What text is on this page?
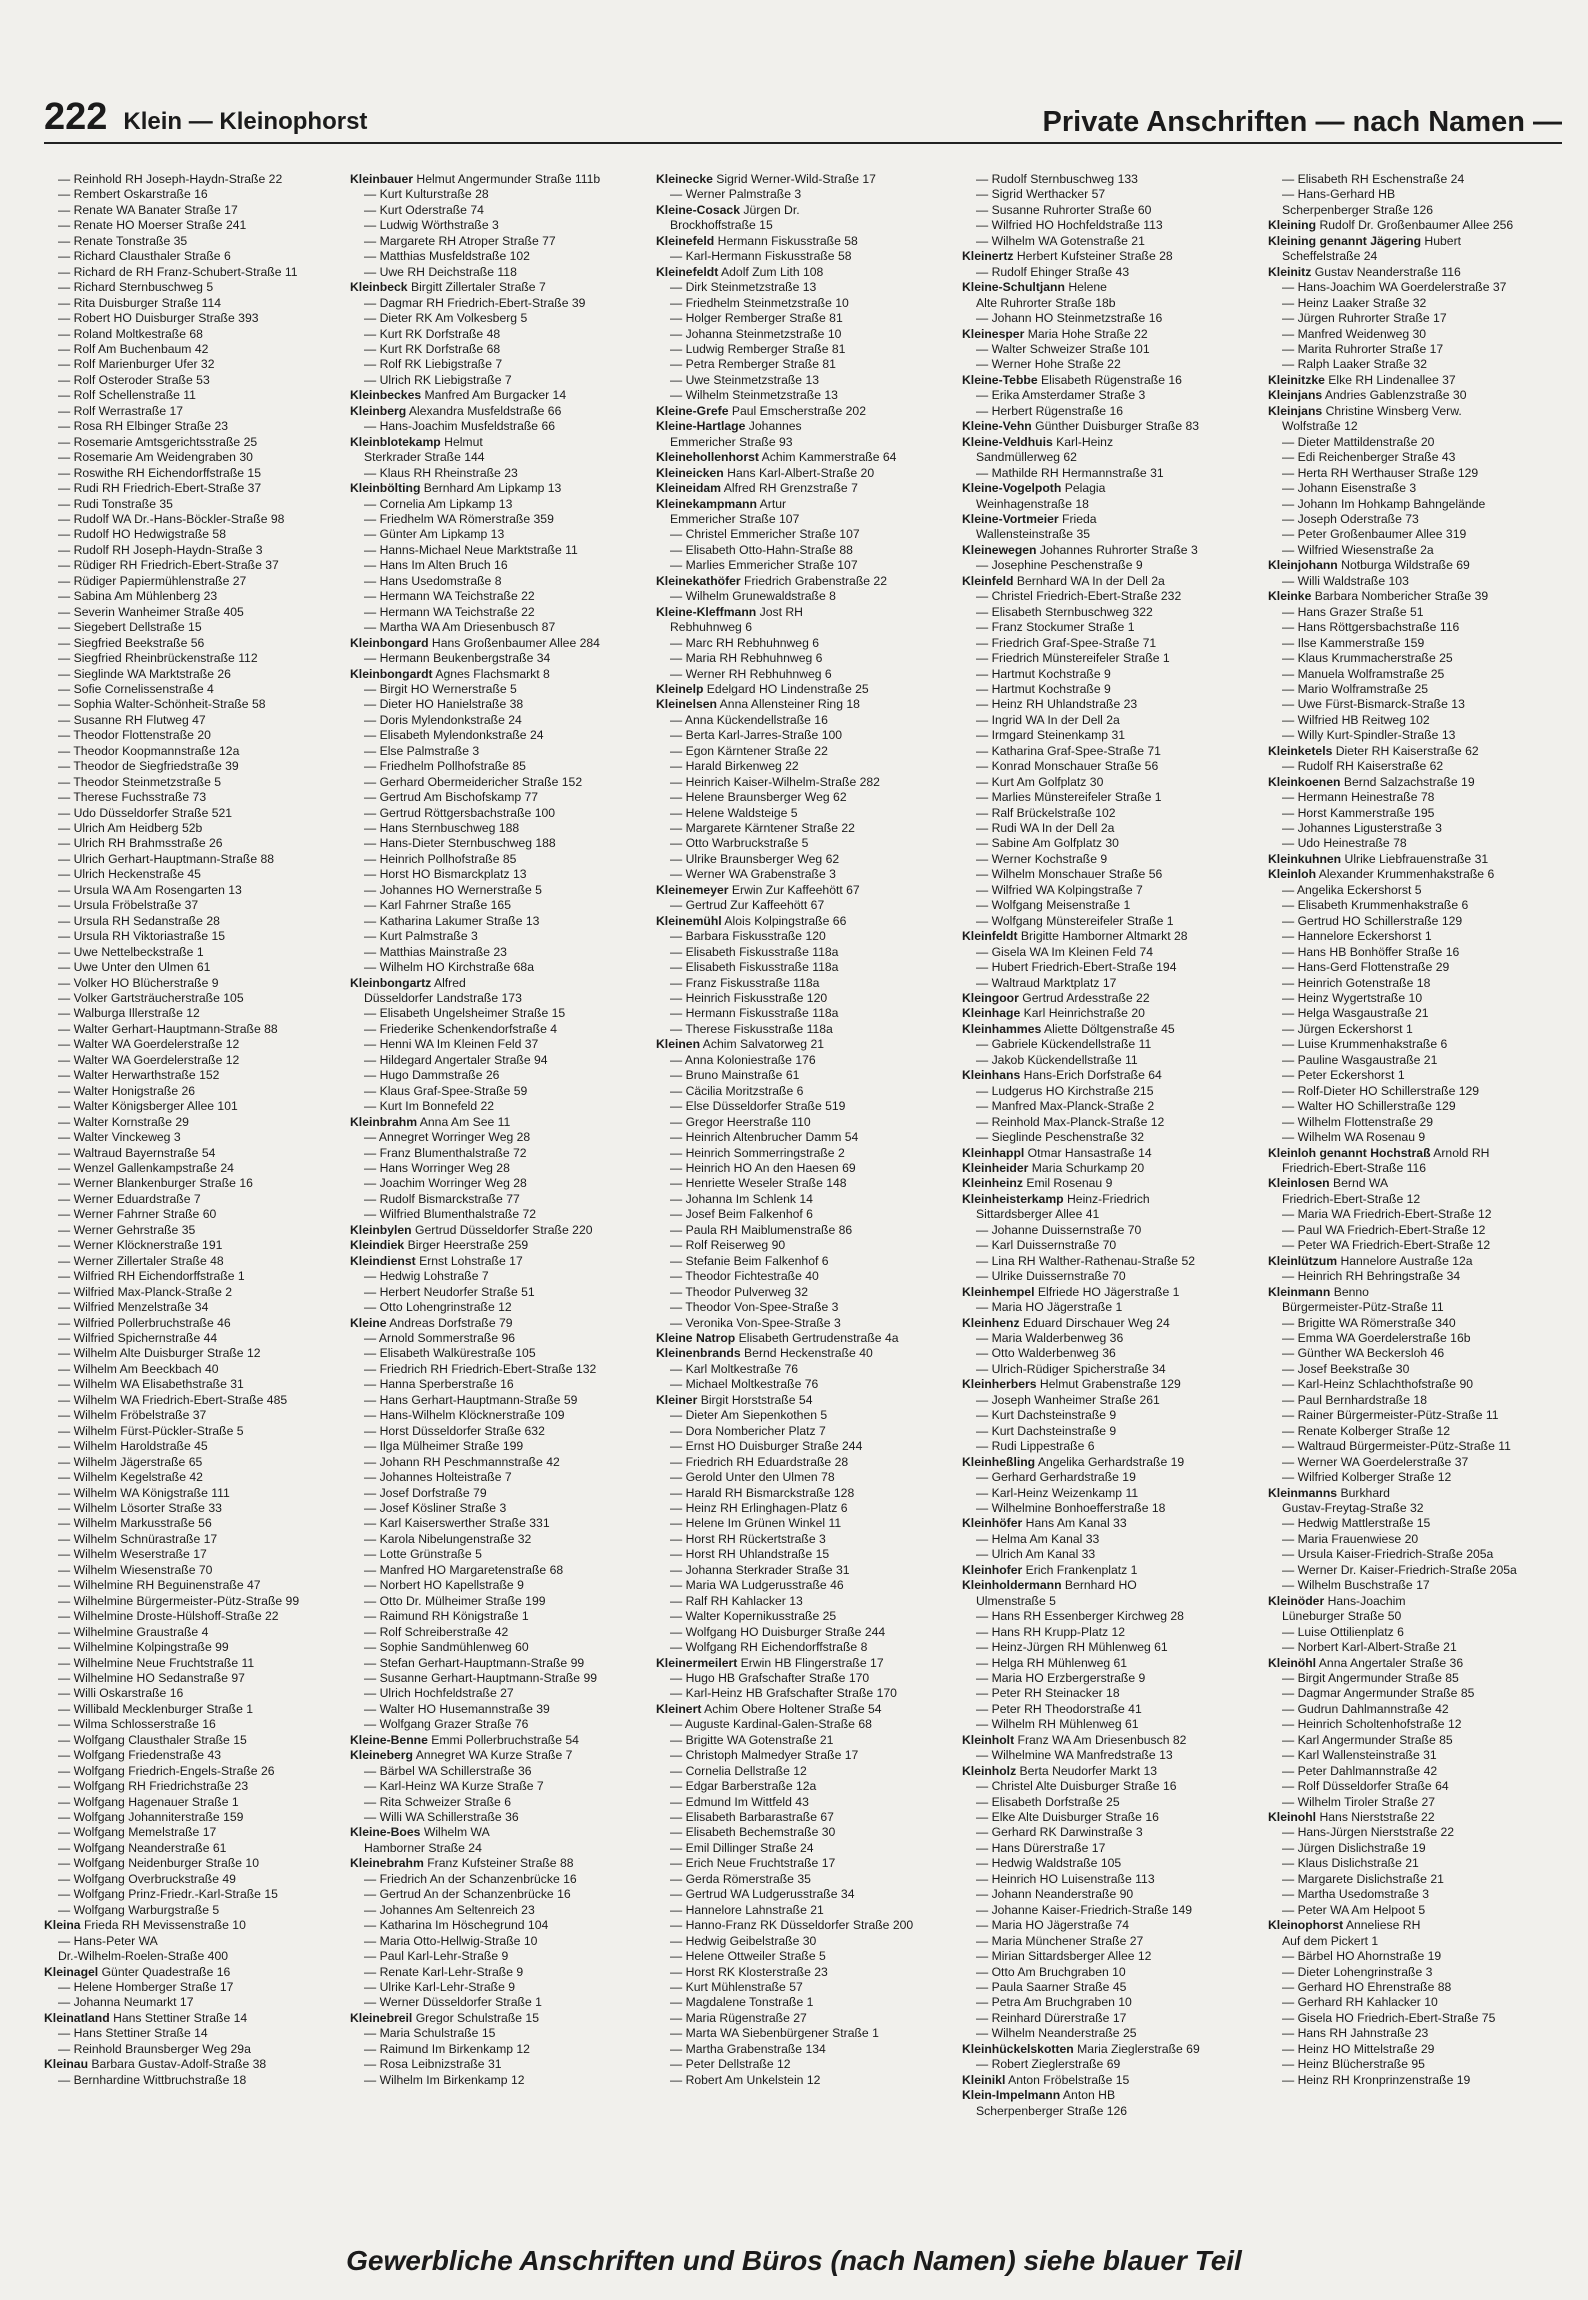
222 Klein — Kleinophorst	Private Anschriften — nach Namen —
— Reinhold RH Joseph-Haydn-Straße 22
— Rembert Oskarstraße 16
— Renate WA Banater Straße 17
— Renate HO Moerser Straße 241
— Renate Tonstraße 35
— Richard Clausthaler Straße 6
— Richard de RH Franz-Schubert-Straße 11
— Richard Sternbuschweg 5
— Rita Duisburger Straße 114
— Robert HO Duisburger Straße 393
— Roland Moltkestraße 68
— Rolf Am Buchenbaum 42
— Rolf Marienburger Ufer 32
— Rolf Osteroder Straße 53
— Rolf Schellenstraße 11
— Rolf Werrastraße 17
— Rosa RH Elbinger Straße 23
— Rosemarie Amtsgerichtsstraße 25
— Rosemarie Am Weidengraben 30
— Roswithe RH Eichendorffstraße 15
— Rudi RH Friedrich-Ebert-Straße 37
— Rudi Tonstraße 35
— Rudolf WA Dr.-Hans-Böckler-Straße 98
— Rudolf HO Hedwigstraße 58
— Rudolf RH Joseph-Haydn-Straße 3
— Rüdiger RH Friedrich-Ebert-Straße 37
— Rüdiger Papiermühlenstraße 27
— Sabina Am Mühlenberg 23
— Severin Wanheimer Straße 405
— Siegebert Dellstraße 15
— Siegfried Beekstraße 56
— Siegfried Rheinbrückenstraße 112
— Sieglinde WA Marktstraße 26
— Sofie Cornelissenstraße 4
— Sophia Walter-Schönheit-Straße 58
— Susanne RH Flutweg 47
— Theodor Flottenstraße 20
— Theodor Koopmannstraße 12a
— Theodor de Siegfriedstraße 39
— Theodor Steinmetzstraße 5
— Therese Fuchsstraße 73
— Udo Düsseldorfer Straße 521
— Ulrich Am Heidberg 52b
— Ulrich RH Brahmsstraße 26
— Ulrich Gerhart-Hauptmann-Straße 88
— Ulrich Heckenstraße 45
— Ursula WA Am Rosengarten 13
— Ursula Fröbelstraße 37
— Ursula RH Sedanstraße 28
— Ursula RH Viktoriastraße 15
— Uwe Nettelbeckstraße 1
— Uwe Unter den Ulmen 61
— Volker HO Blücherstraße 9
— Volker Gartsträucherstraße 105
— Walburga Illerstraße 12
— Walter Gerhart-Hauptmann-Straße 88
— Walter WA Goerdelerstraße 12
— Walter WA Goerdelerstraße 12
— Walter Herwarthstraße 152
— Walter Honigstraße 26
— Walter Königsberger Allee 101
— Walter Kornstraße 29
— Walter Vinckeweg 3
— Waltraud Bayernstraße 54
— Wenzel Gallenkampstraße 24
— Werner Blankenburger Straße 16
— Werner Eduardstraße 7
— Werner Fahrner Straße 60
— Werner Gehrstraße 35
— Werner Klöcknerstraße 191
— Werner Zillertaler Straße 48
— Wilfried RH Eichendorffstraße 1
— Wilfried Max-Planck-Straße 2
— Wilfried Menzelstraße 34
— Wilfried Pollerbruchstraße 46
— Wilfried Spichernstraße 44
— Wilhelm Alte Duisburger Straße 12
— Wilhelm Am Beeckbach 40
— Wilhelm WA Elisabethstraße 31
— Wilhelm WA Friedrich-Ebert-Straße 485
— Wilhelm Fröbelstraße 37
— Wilhelm Fürst-Pückler-Straße 5
— Wilhelm Haroldstraße 45
— Wilhelm Jägerstraße 65
— Wilhelm Kegelstraße 42
— Wilhelm WA Königstraße 111
— Wilhelm Lösorter Straße 33
— Wilhelm Markusstraße 56
— Wilhelm Schnürastraße 17
— Wilhelm Weserstraße 17
— Wilhelm Wiesenstraße 70
— Wilhelmine RH Beguinenstraße 47
— Wilhelmine Bürgermeister-Pütz-Straße 99
— Wilhelmine Droste-Hülshoff-Straße 22
— Wilhelmine Graustraße 4
— Wilhelmine Kolpingstraße 99
— Wilhelmine Neue Fruchtstraße 11
— Wilhelmine HO Sedanstraße 97
— Willi Oskarstraße 16
— Willibald Mecklenburger Straße 1
— Wilma Schlosserstraße 16
— Wolfgang Clausthaler Straße 15
— Wolfgang Friedenstraße 43
— Wolfgang Friedrich-Engels-Straße 26
— Wolfgang RH Friedrichstraße 23
— Wolfgang Hagenauer Straße 1
— Wolfgang Johanniterstraße 159
— Wolfgang Memelstraße 17
— Wolfgang Neanderstraße 61
— Wolfgang Neidenburger Straße 10
— Wolfgang Overbruckstraße 49
— Wolfgang Prinz-Friedr.-Karl-Straße 15
— Wolfgang Warburgstraße 5
Kleina Frieda RH Mevissenstraße 10
— Hans-Peter WA
Dr.-Wilhelm-Roelen-Straße 400
Kleinagel Günter Quadestraße 16
— Helene Homberger Straße 17
— Johanna Neumarkt 17
Kleinatland Hans Stettiner Straße 14
— Hans Stettiner Straße 14
— Reinhold Braunsberger Weg 29a
Kleinau Barbara Gustav-Adolf-Straße 38
— Bernhardine Wittbruchstraße 18
Kleinbauer Helmut Angermunder Straße 111b
— Kurt Kulturstraße 28
— Kurt Oderstraße 74
— Ludwig Wörthstraße 3
— Margarete RH Atroper Straße 77
— Matthias Musfeldstraße 102
— Uwe RH Deichstraße 118
Kleinbeck Birgitt Zillertaler Straße 7
— Dagmar RH Friedrich-Ebert-Straße 39
— Dieter RK Am Volkesberg 5
— Kurt RK Dorfstraße 48
— Kurt RK Dorfstraße 68
— Rolf RK Liebigstraße 7
— Ulrich RK Liebigstraße 7
Kleinbeckes Manfred Am Burgacker 14
Kleinberg Alexandra Musfeldstraße 66
— Hans-Joachim Musfeldstraße 66
Kleinblotekamp Helmut
Sterkrader Straße 144
— Klaus RH Rheinstraße 23
Kleinbölting Bernhard Am Lipkamp 13
— Cornelia Am Lipkamp 13
— Friedhelm WA Römerstraße 359
— Günter Am Lipkamp 13
— Hanns-Michael Neue Marktstraße 11
— Hans Im Alten Bruch 16
— Hans Usedomstraße 8
— Hermann WA Teichstraße 22
— Hermann WA Teichstraße 22
— Martha WA Am Driesenbusch 87
Kleinbongard Hans Großenbaumer Allee 284
— Hermann Beukenbergstraße 34
Kleinbongardt Agnes Flachsmarkt 8
— Birgit HO Wernerstraße 5
— Dieter HO Hanielstraße 38
— Doris Mylendonkstraße 24
— Elisabeth Mylendonkstraße 24
— Else Palmstraße 3
— Friedhelm Pollhofstraße 85
— Gerhard Obermeidericher Straße 152
— Gertrud Am Bischofskamp 77
— Gertrud Röttgersbachstraße 100
— Hans Sternbuschweg 188
— Hans-Dieter Sternbuschweg 188
— Heinrich Pollhofstraße 85
— Horst HO Bismarckplatz 13
— Johannes HO Wernerstraße 5
— Karl Fahrner Straße 165
— Katharina Lakumer Straße 13
— Kurt Palmstraße 3
— Matthias Mainstraße 23
— Wilhelm HO Kirchstraße 68a
Kleinbongartz Alfred
Düsseldorfer Landstraße 173
— Elisabeth Ungelsheimer Straße 15
— Friederike Schenkendorfstraße 4
— Henni WA Im Kleinen Feld 37
— Hildegard Angertaler Straße 94
— Hugo Dammstraße 26
— Klaus Graf-Spee-Straße 59
— Kurt Im Bonnefeld 22
Kleinbrahm Anna Am See 11
— Annegret Worringer Weg 28
— Franz Blumenthalstraße 72
— Hans Worringer Weg 28
— Joachim Worringer Weg 28
— Rudolf Bismarckstraße 77
— Wilfried Blumenthalstraße 72
Kleinbylen Gertrud Düsseldorfer Straße 220
Kleindiek Birger Heerstraße 259
Kleindienst Ernst Lohstraße 17
— Hedwig Lohstraße 7
— Herbert Neudorfer Straße 51
— Otto Lohengrinstraße 12
Kleine Andreas Dorfstraße 79
— Arnold Sommerstraße 96
— Elisabeth Walkürestraße 105
— Friedrich RH Friedrich-Ebert-Straße 132
— Hanna Sperberstraße 16
— Hans Gerhart-Hauptmann-Straße 59
— Hans-Wilhelm Klöcknerstraße 109
— Horst Düsseldorfer Straße 632
— Ilga Mülheimer Straße 199
— Johann RH Peschmannstraße 42
— Johannes Holteistraße 7
— Josef Dorfstraße 79
— Josef Kösliner Straße 3
— Karl Kaiserswerther Straße 331
— Karola Nibelungenstraße 32
— Lotte Grünstraße 5
— Manfred HO Margaretenstraße 68
— Norbert HO Kapellstraße 9
— Otto Dr. Mülheimer Straße 199
— Raimund RH Königstraße 1
— Rolf Schreiberstraße 42
— Sophie Sandmühlenweg 60
— Stefan Gerhart-Hauptmann-Straße 99
— Susanne Gerhart-Hauptmann-Straße 99
— Ulrich Hochfeldstraße 27
— Walter HO Husemannstraße 39
— Wolfgang Grazer Straße 76
Kleine-Benne Emmi Pollerbruchstraße 54
Kleineberg Annegret WA Kurze Straße 7
— Bärbel WA Schillerstraße 36
— Karl-Heinz WA Kurze Straße 7
— Rita Schweizer Straße 6
— Willi WA Schillerstraße 36
Kleine-Boes Wilhelm WA
Hamborner Straße 24
Kleinebrahm Franz Kufsteiner Straße 88
— Friedrich An der Schanzenbrücke 16
— Gertrud An der Schanzenbrücke 16
— Johannes Am Seltenreich 23
— Katharina Im Höschegrund 104
— Maria Otto-Hellwig-Straße 10
— Paul Karl-Lehr-Straße 9
— Renate Karl-Lehr-Straße 9
— Ulrike Karl-Lehr-Straße 9
— Werner Düsseldorfer Straße 1
Kleinebreil Gregor Schulstraße 15
— Maria Schulstraße 15
— Raimund Im Birkenkamp 12
— Rosa Leibnizstraße 31
— Wilhelm Im Birkenkamp 12
Kleinecke Sigrid Werner-Wild-Straße 17
— Werner Palmstraße 3
Kleine-Cosack Jürgen Dr.
Brockhoffstraße 15
Kleinefeld Hermann Fiskusstraße 58
— Karl-Hermann Fiskusstraße 58
Kleinefeldt Adolf Zum Lith 108
— Dirk Steinmetzstraße 13
— Friedhelm Steinmetzstraße 10
— Holger Remberger Straße 81
— Johanna Steinmetzstraße 10
— Ludwig Remberger Straße 81
— Petra Remberger Straße 81
— Uwe Steinmetzstraße 13
— Wilhelm Steinmetzstraße 13
Kleine-Grefe Paul Emscherstraße 202
Kleine-Hartlage Johannes
Emmericher Straße 93
Kleinehollenhorst Achim Kammerstraße 64
Kleineicken Hans Karl-Albert-Straße 20
Kleineidam Alfred RH Grenzstraße 7
Kleinekampmann Artur
Emmericher Straße 107
— Christel Emmericher Straße 107
— Elisabeth Otto-Hahn-Straße 88
— Marlies Emmericher Straße 107
Kleinekathöfer Friedrich Grabenstraße 22
— Wilhelm Grunewaldstraße 8
Kleine-Kleffmann Jost RH
Rebhuhnweg 6
— Marc RH Rebhuhnweg 6
— Maria RH Rebhuhnweg 6
— Werner RH Rebhuhnweg 6
Kleinelp Edelgard HO Lindenstraße 25
Kleinelsen Anna Allensteiner Ring 18
— Anna Kückendellstraße 16
— Berta Karl-Jarres-Straße 100
— Egon Kärntener Straße 22
— Harald Birkenweg 22
— Heinrich Kaiser-Wilhelm-Straße 282
— Helene Braunsberger Weg 62
— Helene Waldsteige 5
— Margarete Kärntener Straße 22
— Otto Warbruckstraße 5
— Ulrike Braunsberger Weg 62
— Werner WA Grabenstraße 3
Kleinemeyer Erwin Zur Kaffeehött 67
— Gertrud Zur Kaffeehött 67
Kleinemühl Alois Kolpingstraße 66
— Barbara Fiskusstraße 120
— Elisabeth Fiskusstraße 118a
— Elisabeth Fiskusstraße 118a
— Franz Fiskusstraße 118a
— Heinrich Fiskusstraße 120
— Hermann Fiskusstraße 118a
— Therese Fiskusstraße 118a
Kleinen Achim Salvatorweg 21
— Anna Koloniestraße 176
— Bruno Mainstraße 61
— Cäcilia Moritzstraße 6
— Else Düsseldorfer Straße 519
— Gregor Heerstraße 110
— Heinrich Altenbrucher Damm 54
— Heinrich Sommerringstraße 2
— Heinrich HO An den Haesen 69
— Henriette Weseler Straße 148
— Johanna Im Schlenk 14
— Josef Beim Falkenhof 6
— Paula RH Maiblumenstraße 86
— Rolf Reiserweg 90
— Stefanie Beim Falkenhof 6
— Theodor Fichtestraße 40
— Theodor Pulverweg 32
— Theodor Von-Spee-Straße 3
— Veronika Von-Spee-Straße 3
Kleine Natrop Elisabeth Gertrudenstraße 4a
Kleinenbrands Bernd Heckenstraße 40
— Karl Moltkestraße 76
— Michael Moltkestraße 76
Kleiner Birgit Horststraße 54
— Dieter Am Siepenkothen 5
— Dora Nombericher Platz 7
— Ernst HO Duisburger Straße 244
— Friedrich RH Eduardstraße 28
— Gerold Unter den Ulmen 78
— Harald RH Bismarckstraße 128
— Heinz RH Erlinghagen-Platz 6
— Helene Im Grünen Winkel 11
— Horst RH Rückertstraße 3
— Horst RH Uhlandstraße 15
— Johanna Sterkrader Straße 31
— Maria WA Ludgerusstraße 46
— Ralf RH Kahlacker 13
— Walter Kopernikusstraße 25
— Wolfgang HO Duisburger Straße 244
— Wolfgang RH Eichendorffstraße 8
Kleinermeilert Erwin HB Flingerstraße 17
— Hugo HB Grafschafter Straße 170
— Karl-Heinz HB Grafschafter Straße 170
Kleinert Achim Obere Holtener Straße 54
— Auguste Kardinal-Galen-Straße 68
— Brigitte WA Gotenstraße 21
— Christoph Malmedyer Straße 17
— Cornelia Dellstraße 12
— Edgar Barberstraße 12a
— Edmund Im Wittfeld 43
— Elisabeth Barbarastraße 67
— Elisabeth Bechemstraße 30
— Emil Dillinger Straße 24
— Erich Neue Fruchtstraße 17
— Gerda Römerstraße 35
— Gertrud WA Ludgerusstraße 34
— Hannelore Lahnstraße 21
— Hanno-Franz RK Düsseldorfer Straße 200
— Hedwig Geibelstraße 30
— Helene Ottweiler Straße 5
— Horst RK Klosterstraße 23
— Kurt Mühlenstraße 57
— Magdalene Tonstraße 1
— Maria Rügenstraße 27
— Marta WA Siebenbürgener Straße 1
— Martha Grabenstraße 134
— Peter Dellstraße 12
— Robert Am Unkelstein 12
— Rudolf Sternbuschweg 133
— Sigrid Werthacker 57
— Susanne Ruhrorter Straße 60
— Wilfried HO Hochfeldstraße 113
— Wilhelm WA Gotenstraße 21
Kleinertz Herbert Kufsteiner Straße 28
— Rudolf Ehinger Straße 43
Kleine-Schultjann Helene
Alte Ruhrorter Straße 18b
— Johann HO Steinmetzstraße 16
Kleinesper Maria Hohe Straße 22
— Walter Schweizer Straße 101
— Werner Hohe Straße 22
Kleine-Tebbe Elisabeth Rügenstraße 16
— Erika Amsterdamer Straße 3
— Herbert Rügenstraße 16
Kleine-Vehn Günther Duisburger Straße 83
Kleine-Veldhuis Karl-Heinz
Sandmüllerweg 62
— Mathilde RH Hermannstraße 31
Kleine-Vogelpoth Pelagia
Weinhagenstraße 18
Kleine-Vortmeier Frieda
Wallensteinstraße 35
Kleinewegen Johannes Ruhrorter Straße 3
— Josephine Peschenstraße 9
Kleinfeld Bernhard WA In der Dell 2a
— Christel Friedrich-Ebert-Straße 232
— Elisabeth Sternbuschweg 322
— Franz Stockumer Straße 1
— Friedrich Graf-Spee-Straße 71
— Friedrich Münstereifeler Straße 1
— Hartmut Kochstraße 9
— Hartmut Kochstraße 9
— Heinz RH Uhlandstraße 23
— Ingrid WA In der Dell 2a
— Irmgard Steinenkamp 31
— Katharina Graf-Spee-Straße 71
— Konrad Monschauer Straße 56
— Kurt Am Golfplatz 30
— Marlies Münstereifeler Straße 1
— Ralf Brückelstraße 102
— Rudi WA In der Dell 2a
— Sabine Am Golfplatz 30
— Werner Kochstraße 9
— Wilhelm Monschauer Straße 56
— Wilfried WA Kolpingstraße 7
— Wolfgang Meisenstraße 1
— Wolfgang Münstereifeler Straße 1
Kleinfeldt Brigitte Hamborner Altmarkt 28
— Gisela WA Im Kleinen Feld 74
— Hubert Friedrich-Ebert-Straße 194
— Waltraud Marktplatz 17
Kleingoor Gertrud Ardesstraße 22
Kleinhage Karl Heinrichstraße 20
Kleinhammes Aliette Döltgenstraße 45
— Gabriele Kückendellstraße 11
— Jakob Kückendellstraße 11
Kleinhans Hans-Erich Dorfstraße 64
— Ludgerus HO Kirchstraße 215
— Manfred Max-Planck-Straße 2
— Reinhold Max-Planck-Straße 12
— Sieglinde Peschenstraße 32
Kleinhappl Otmar Hansastraße 14
Kleinheider Maria Schurkamp 20
Kleinheinz Emil Rosenau 9
Kleinheisterkamp Heinz-Friedrich
Sittardsberger Allee 41
— Johanne Duissernstraße 70
— Karl Duissernstraße 70
— Lina RH Walther-Rathenau-Straße 52
— Ulrike Duissernstraße 70
Kleinhempel Elfriede HO Jägerstraße 1
— Maria HO Jägerstraße 1
Kleinhenz Eduard Dirschauer Weg 24
— Maria Walderbenweg 36
— Otto Walderbenweg 36
— Ulrich-Rüdiger Spicherstraße 34
Kleinherbers Helmut Grabenstraße 129
— Joseph Wanheimer Straße 261
— Kurt Dachsteinstraße 9
— Kurt Dachsteinstraße 9
— Rudi Lippestraße 6
Kleinheßling Angelika Gerhardstraße 19
— Gerhard Gerhardstraße 19
— Karl-Heinz Weizenkamp 11
— Wilhelmine Bonhoefferstraße 18
Kleinhöfer Hans Am Kanal 33
— Helma Am Kanal 33
— Ulrich Am Kanal 33
Kleinhofer Erich Frankenplatz 1
Kleinholdermann Bernhard HO
Ulmenstraße 5
— Hans RH Essenberger Kirchweg 28
— Hans RH Krupp-Platz 12
— Heinz-Jürgen RH Mühlenweg 61
— Helga RH Mühlenweg 61
— Maria HO Erzbergerstraße 9
— Peter RH Steinacker 18
— Peter RH Theodorstraße 41
— Wilhelm RH Mühlenweg 61
Kleinholt Franz WA Am Driesenbusch 82
— Wilhelmine WA Manfredstraße 13
Kleinholz Berta Neudorfer Markt 13
— Christel Alte Duisburger Straße 16
— Elisabeth Dorfstraße 25
— Elke Alte Duisburger Straße 16
— Gerhard RK Darwinstraße 3
— Hans Dürerstraße 17
— Hedwig Waldstraße 105
— Heinrich HO Luisenstraße 113
— Johann Neanderstraße 90
— Johanne Kaiser-Friedrich-Straße 149
— Maria HO Jägerstraße 74
— Maria Münchener Straße 27
— Mirian Sittardsberger Allee 12
— Otto Am Bruchgraben 10
— Paula Saarner Straße 45
— Petra Am Bruchgraben 10
— Reinhard Dürerstraße 17
— Wilhelm Neanderstraße 25
Kleinhückelskotten Maria Zieglerstraße 69
— Robert Zieglerstraße 69
Kleinikl Anton Fröbelstraße 15
Klein-Impelmann Anton HB
Scherpenberger Straße 126
— Elisabeth RH Eschenstraße 24
— Hans-Gerhard HB
Scherpenberger Straße 126
Kleining Rudolf Dr. Großenbaumer Allee 256
Kleining genannt Jägering Hubert
Scheffelstraße 24
Kleinitz Gustav Neanderstraße 116
— Hans-Joachim WA Goerdelerstraße 37
— Heinz Laaker Straße 32
— Jürgen Ruhrorter Straße 17
— Manfred Weidenweg 30
— Marita Ruhrorter Straße 17
— Ralph Laaker Straße 32
Kleinitzke Elke RH Lindenallee 37
Kleinjans Andries Gablenzstraße 30
Kleinjans Christine Winsberg Verw.
Wolfstraße 12
— Dieter Mattildenstraße 20
— Edi Reichenberger Straße 43
— Herta RH Werthauser Straße 129
— Johann Eisenstraße 3
— Johann Im Hohkamp Bahngelände
— Joseph Oderstraße 73
— Peter Großenbaumer Allee 319
— Wilfried Wiesenstraße 2a
Kleinjohann Notburga Wildstraße 69
— Willi Waldstraße 103
Kleinke Barbara Nombericher Straße 39
— Hans Grazer Straße 51
— Hans Röttgersbachstraße 116
— Ilse Kammerstraße 159
— Klaus Krummacherstraße 25
— Manuela Wolframstraße 25
— Mario Wolframstraße 25
— Uwe Fürst-Bismarck-Straße 13
— Wilfried HB Reitweg 102
— Willy Kurt-Spindler-Straße 13
Kleinketels Dieter RH Kaiserstraße 62
— Rudolf RH Kaiserstraße 62
Kleinkoenen Bernd Salzachstraße 19
— Hermann Heinestraße 78
— Horst Kammerstraße 195
— Johannes Ligusterstraße 3
— Udo Heinestraße 78
Kleinkuhnen Ulrike Liebfrauenstraße 31
Kleinloh Alexander Krummenhakstraße 6
— Angelika Eckershorst 5
— Elisabeth Krummenhakstraße 6
— Gertrud HO Schillerstraße 129
— Hannelore Eckershorst 1
— Hans HB Bonhöffer Straße 16
— Hans-Gerd Flottenstraße 29
— Heinrich Gotenstraße 18
— Heinz Wygertstraße 10
— Helga Wasgaustraße 21
— Jürgen Eckershorst 1
— Luise Krummenhakstraße 6
— Pauline Wasgaustraße 21
— Peter Eckershorst 1
— Rolf-Dieter HO Schillerstraße 129
— Walter HO Schillerstraße 129
— Wilhelm Flottenstraße 29
— Wilhelm WA Rosenau 9
Kleinloh genannt Hochstraß Arnold RH
Friedrich-Ebert-Straße 116
Kleinlosen Bernd WA
Friedrich-Ebert-Straße 12
— Maria WA Friedrich-Ebert-Straße 12
— Paul WA Friedrich-Ebert-Straße 12
— Peter WA Friedrich-Ebert-Straße 12
Kleinlützum Hannelore Austraße 12a
— Heinrich RH Behringstraße 34
Kleinmann Benno
Bürgermeister-Pütz-Straße 11
— Brigitte WA Römerstraße 340
— Emma WA Goerdelerstraße 16b
— Günther WA Beckersloh 46
— Josef Beekstraße 30
— Karl-Heinz Schlachthofstraße 90
— Paul Bernhardstraße 18
— Rainer Bürgermeister-Pütz-Straße 11
— Renate Kolberger Straße 12
— Waltraud Bürgermeister-Pütz-Straße 11
— Werner WA Goerdelerstraße 37
— Wilfried Kolberger Straße 12
Kleinmanns Burkhard
Gustav-Freytag-Straße 32
— Hedwig Mattlerstraße 15
— Maria Frauenwiese 20
— Ursula Kaiser-Friedrich-Straße 205a
— Werner Dr. Kaiser-Friedrich-Straße 205a
— Wilhelm Buschstraße 17
Kleinöder Hans-Joachim
Lüneburger Straße 50
— Luise Ottilienplatz 6
— Norbert Karl-Albert-Straße 21
Kleinöhl Anna Angertaler Straße 36
— Birgit Angermunder Straße 85
— Dagmar Angermunder Straße 85
— Gudrun Dahlmannstraße 42
— Heinrich Scholtenhofstraße 12
— Karl Angermunder Straße 85
— Karl Wallensteinstraße 31
— Peter Dahlmannstraße 42
— Rolf Düsseldorfer Straße 64
— Wilhelm Tiroler Straße 27
Kleinohl Hans Nierststraße 22
— Hans-Jürgen Nierststraße 22
— Jürgen Dislichstraße 19
— Klaus Dislichstraße 21
— Margarete Dislichstraße 21
— Martha Usedomstraße 3
— Peter WA Am Helpoot 5
Kleinophorst Anneliese RH
Auf dem Pickert 1
— Bärbel HO Ahornstraße 19
— Dieter Lohengrinstraße 3
— Gerhard HO Ehrenstraße 88
— Gerhard RH Kahlacker 10
— Gisela HO Friedrich-Ebert-Straße 75
— Hans RH Jahnstraße 23
— Heinz HO Mittelstraße 29
— Heinz Blücherstraße 95
— Heinz RH Kronprinzenstraße 19
Gewerbliche Anschriften und Büros (nach Namen) siehe blauer Teil
